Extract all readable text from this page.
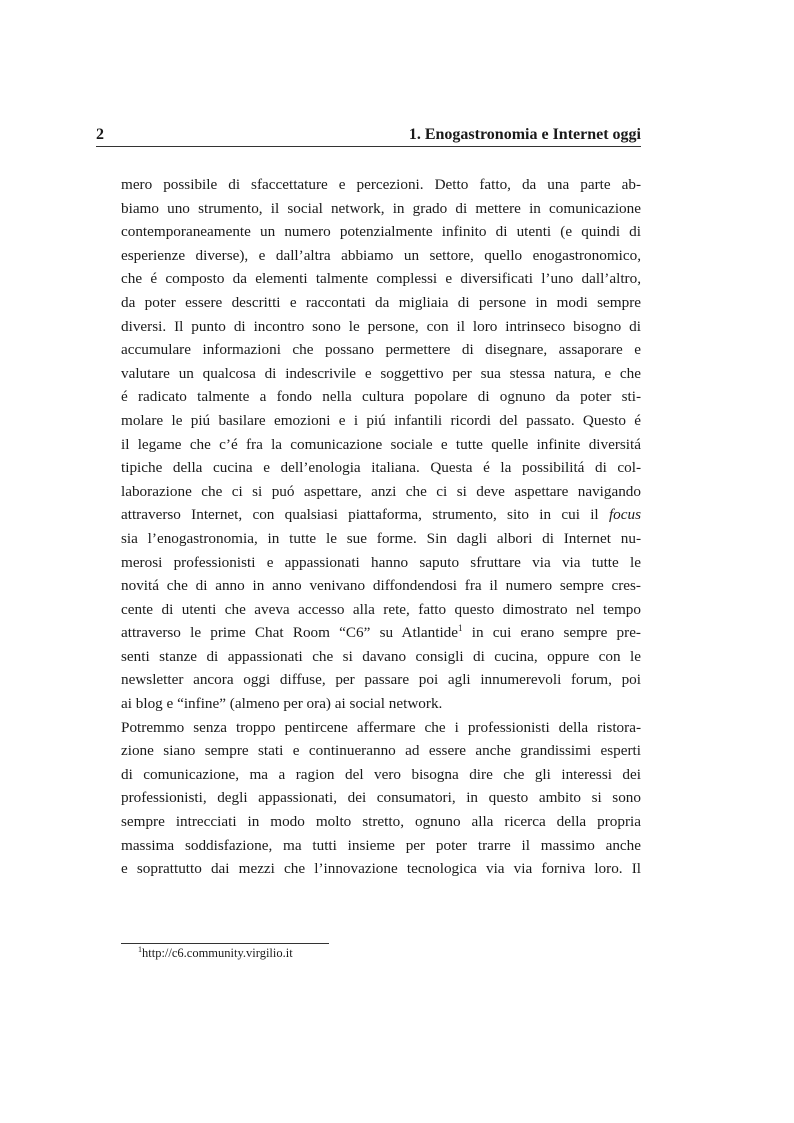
2	1. Enogastronomia e Internet oggi
mero possibile di sfaccettature e percezioni. Detto fatto, da una parte ab-
biamo uno strumento, il social network, in grado di mettere in comunicazione
contemporaneamente un numero potenzialmente infinito di utenti (e quindi di
esperienze diverse), e dall’altra abbiamo un settore, quello enogastronomico,
che é composto da elementi talmente complessi e diversificati l’uno dall’altro,
da poter essere descritti e raccontati da migliaia di persone in modi sempre
diversi. Il punto di incontro sono le persone, con il loro intrinseco bisogno di
accumulare informazioni che possano permettere di disegnare, assaporare e
valutare un qualcosa di indescrivile e soggettivo per sua stessa natura, e che
é radicato talmente a fondo nella cultura popolare di ognuno da poter sti-
molare le piú basilare emozioni e i piú infantili ricordi del passato. Questo é
il legame che c’é fra la comunicazione sociale e tutte quelle infinite diversitá
tipiche della cucina e dell’enologia italiana. Questa é la possibilitá di col-
laborazione che ci si puó aspettare, anzi che ci si deve aspettare navigando
attraverso Internet, con qualsiasi piattaforma, strumento, sito in cui il focus
sia l’enogastronomia, in tutte le sue forme. Sin dagli albori di Internet nu-
merosi professionisti e appassionati hanno saputo sfruttare via via tutte le
novitá che di anno in anno venivano diffondendosi fra il numero sempre cres-
cente di utenti che aveva accesso alla rete, fatto questo dimostrato nel tempo
attraverso le prime Chat Room “C6” su Atlantide$^1$ in cui erano sempre pre-
senti stanze di appassionati che si davano consigli di cucina, oppure con le
newsletter ancora oggi diffuse, per passare poi agli innumerevoli forum, poi
ai blog e “infine” (almeno per ora) ai social network.
Potremmo senza troppo pentircene affermare che i professionisti della ristora-
zione siano sempre stati e continueranno ad essere anche grandissimi esperti
di comunicazione, ma a ragion del vero bisogna dire che gli interessi dei
professionisti, degli appassionati, dei consumatori, in questo ambito si sono
sempre intrecciati in modo molto stretto, ognuno alla ricerca della propria
massima soddisfazione, ma tutti insieme per poter trarre il massimo anche
e soprattutto dai mezzi che l’innovazione tecnologica via via forniva loro. Il
$^1$http://c6.community.virgilio.it
